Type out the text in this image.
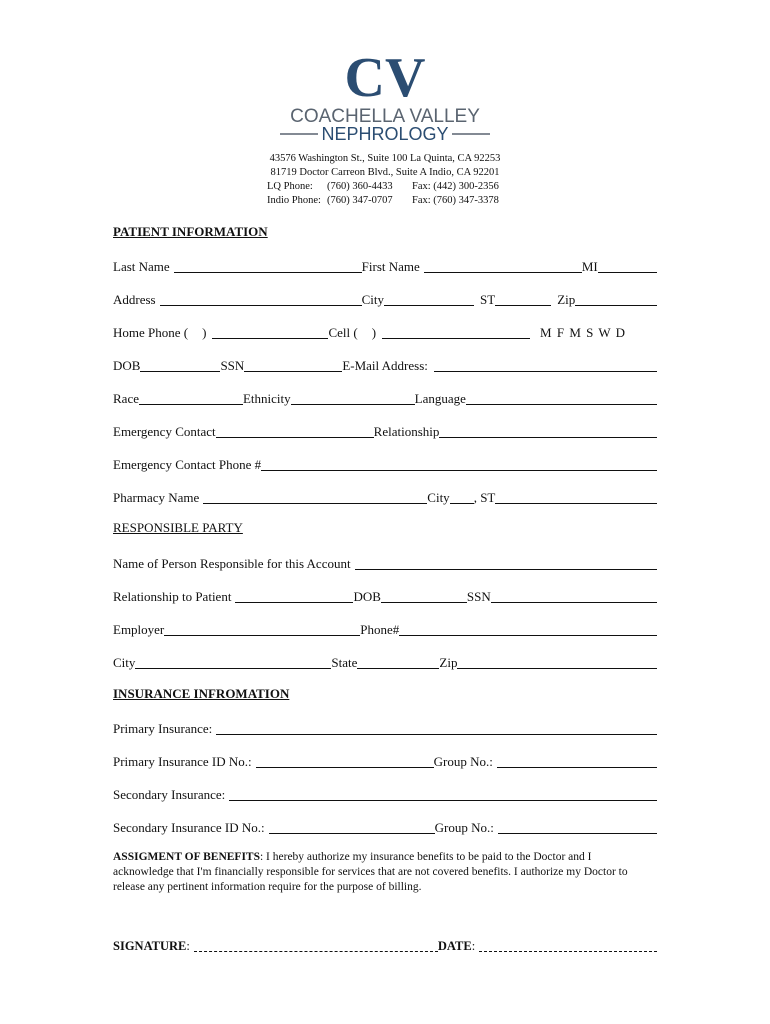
CV
COACHELLA VALLEY
NEPHROLOGY
43576 Washington St., Suite 100 La Quinta, CA 92253
81719 Doctor Carreon Blvd., Suite A Indio, CA 92201
LQ Phone:	(760) 360-4433	Fax: (442) 300-2356
Indio Phone: (760) 347-0707	Fax: (760) 347-3378
PATIENT INFORMATION
Last Name	First Name	MI
Address	City	ST	Zip
Home Phone ( )	Cell ( )	M F M S W D
DOB	SSN	E-Mail Address:
Race	Ethnicity	Language
Emergency Contact	Relationship
Emergency Contact Phone #
Pharmacy Name	City , ST
RESPONSIBLE PARTY
Name of Person Responsible for this Account
Relationship to Patient	DOB	SSN
Employer	Phone#
City	State	Zip
INSURANCE INFROMATION
Primary Insurance:
Primary Insurance ID No.:	Group No.:
Secondary Insurance:
Secondary Insurance ID No.:	Group No.:
ASSIGMENT OF BENEFITS: I hereby authorize my insurance benefits to be paid to the Doctor and I acknowledge that I'm financially responsible for services that are not covered benefits. I authorize my Doctor to release any pertinent information require for the purpose of billing.
SIGNATURE :	DATE :
